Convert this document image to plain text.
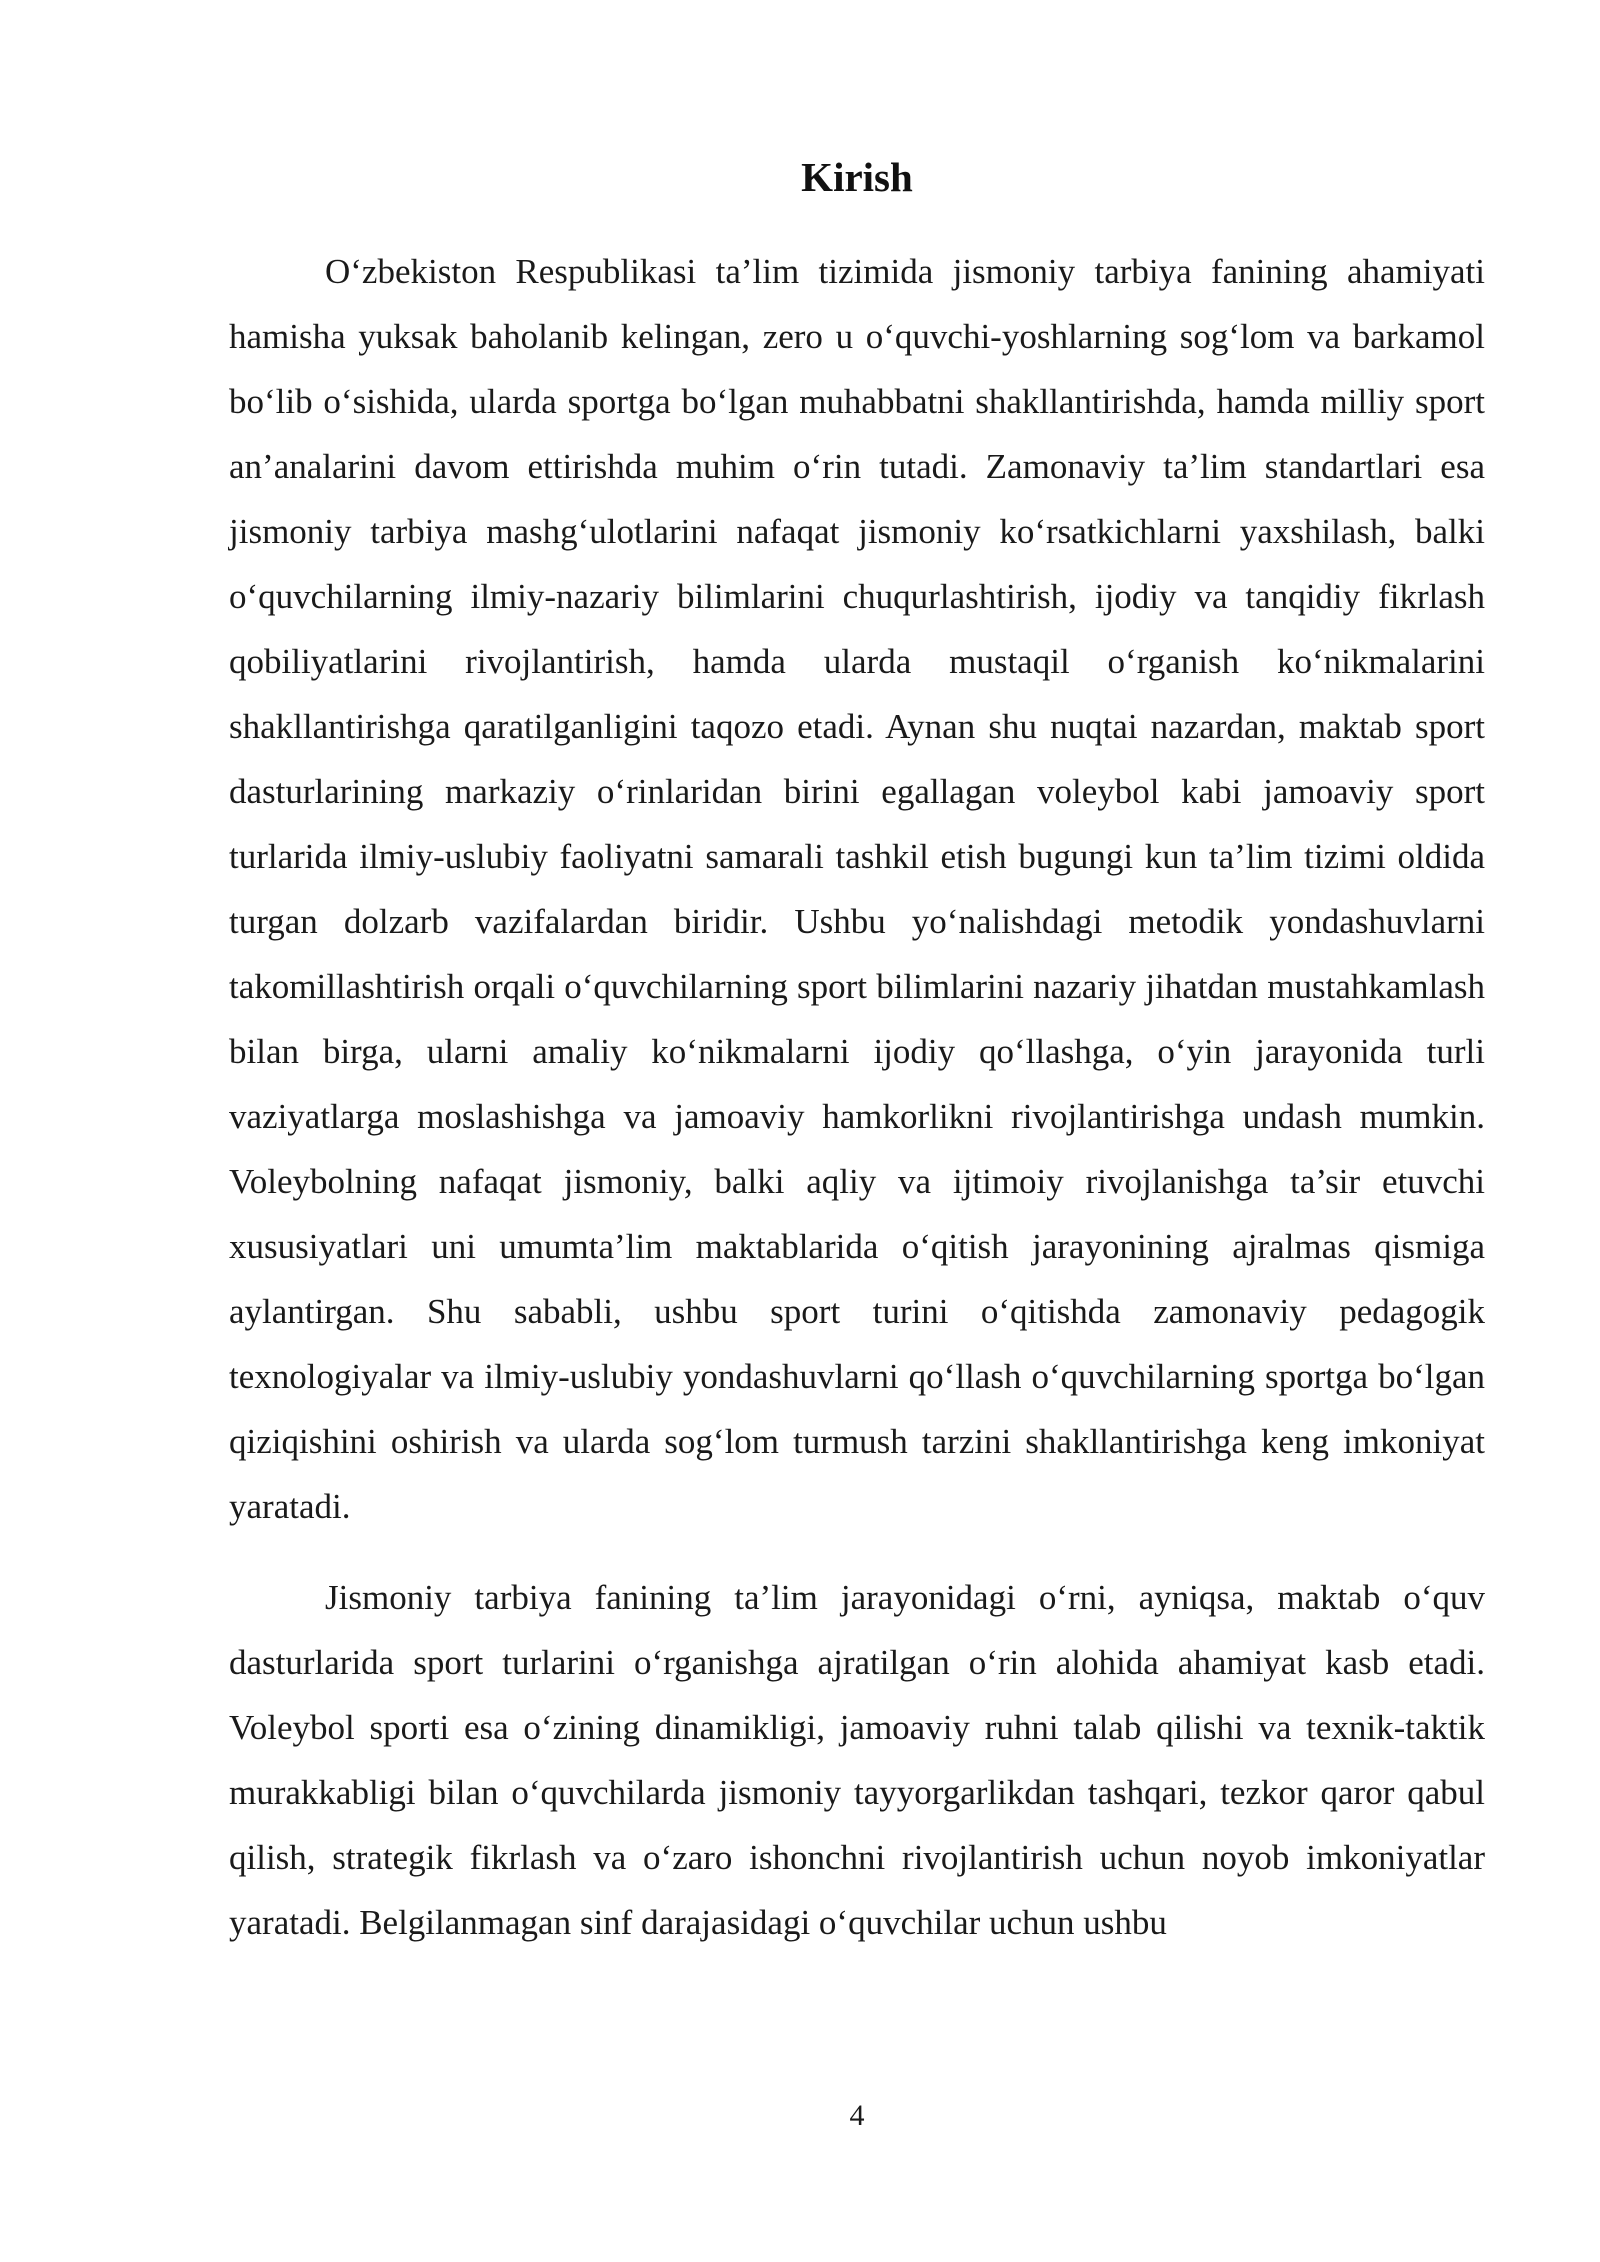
Kirish

O‘zbekiston Respublikasi ta’lim tizimida jismoniy tarbiya fanining ahamiyati hamisha yuksak baholanib kelingan, zero u o‘quvchi-yoshlarning sog‘lom va barkamol bo‘lib o‘sishida, ularda sportga bo‘lgan muhabbatni shakllantirishda, hamda milliy sport an’analarini davom ettirishda muhim o‘rin tutadi. Zamonaviy ta’lim standartlari esa jismoniy tarbiya mashg‘ulotlarini nafaqat jismoniy ko‘rsatkichlarni yaxshilash, balki o‘quvchilarning ilmiy-nazariy bilimlarini chuqurlashtirish, ijodiy va tanqidiy fikrlash qobiliyatlarini rivojlantirish, hamda ularda mustaqil o‘rganish ko‘nikmalarini shakllantirishga qaratilganligini taqozo etadi. Aynan shu nuqtai nazardan, maktab sport dasturlarining markaziy o‘rinlaridan birini egallagan voleybol kabi jamoaviy sport turlarida ilmiy-uslubiy faoliyatni samarali tashkil etish bugungi kun ta’lim tizimi oldida turgan dolzarb vazifalardan biridir. Ushbu yo‘nalishdagi metodik yondashuvlarni takomillashtirish orqali o‘quvchilarning sport bilimlarini nazariy jihatdan mustahkamlash bilan birga, ularni amaliy ko‘nikmalarni ijodiy qo‘llashga, o‘yin jarayonida turli vaziyatlarga moslashishga va jamoaviy hamkorlikni rivojlantirishga undash mumkin. Voleybolning nafaqat jismoniy, balki aqliy va ijtimoiy rivojlanishga ta’sir etuvchi xususiyatlari uni umumta’lim maktablarida o‘qitish jarayonining ajralmas qismiga aylantirgan. Shu sababli, ushbu sport turini o‘qitishda zamonaviy pedagogik texnologiyalar va ilmiy-uslubiy yondashuvlarni qo‘llash o‘quvchilarning sportga bo‘lgan qiziqishini oshirish va ularda sog‘lom turmush tarzini shakllantirishga keng imkoniyat yaratadi.

Jismoniy tarbiya fanining ta’lim jarayonidagi o‘rni, ayniqsa, maktab o‘quv dasturlarida sport turlarini o‘rganishga ajratilgan o‘rin alohida ahamiyat kasb etadi. Voleybol sporti esa o‘zining dinamikligi, jamoaviy ruhni talab qilishi va texnik-taktik murakkabligi bilan o‘quvchilarda jismoniy tayyorgarlikdan tashqari, tezkor qaror qabul qilish, strategik fikrlash va o‘zaro ishonchni rivojlantirish uchun noyob imkoniyatlar yaratadi. Belgilanmagan sinf darajasidagi o‘quvchilar uchun ushbu

4
